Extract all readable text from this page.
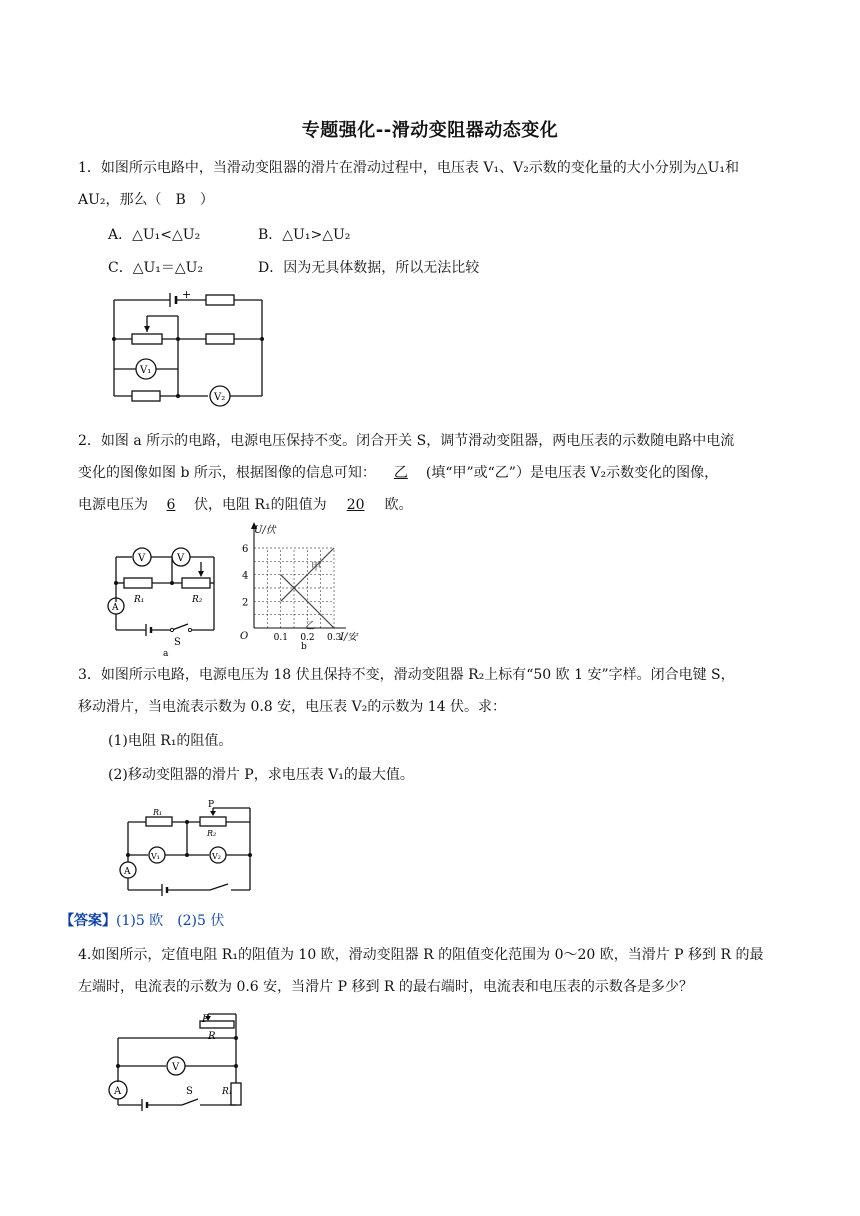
专题强化--滑动变阻器动态变化
1．如图所示电路中，当滑动变阻器的滑片在滑动过程中，电压表 V₁、V₂示数的变化量的大小分别为△U₁和
AU₂，那么（ B ）
A．△U₁<△U₂	B．△U₁>△U₂
C．△U₁＝△U₂	D．因为无具体数据，所以无法比较
+
V₁
V₂
2．如图 a 所示的电路，电源电压保持不变。闭合开关 S，调节滑动变阻器，两电压表的示数随电路中电流
变化的图像如图 b 所示，根据图像的信息可知： 乙 (填“甲”或“乙”）是电压表 V₂示数变化的图像，
电源电压为 6 伏，电阻 R₁的阻值为 20 欧。
V	V
R₁	R₂
A
S
a
2
4
6
0.1 0.2 0.3
U/伏
I/安
O
甲
乙
b
3．如图所示电路，电源电压为 18 伏且保持不变，滑动变阻器 R₂上标有“50 欧 1 安”字样。闭合电键 S，
移动滑片，当电流表示数为 0.8 安，电压表 V₂的示数为 14 伏。求：
(1)电阻 R₁的阻值。
(2)移动变阻器的滑片 P，求电压表 V₁的最大值。
P
R₁
R₂
V₁	V₂
A
【答案】(1)5 欧　(2)5 伏
4.如图所示，定值电阻 R₁的阻值为 10 欧，滑动变阻器 R 的阻值变化范围为 0～20 欧，当滑片 P 移到 R 的最
左端时，电流表的示数为 0.6 安，当滑片 P 移到 R 的最右端时，电流表和电压表的示数各是多少？
P
R
V
A	S	R₁
